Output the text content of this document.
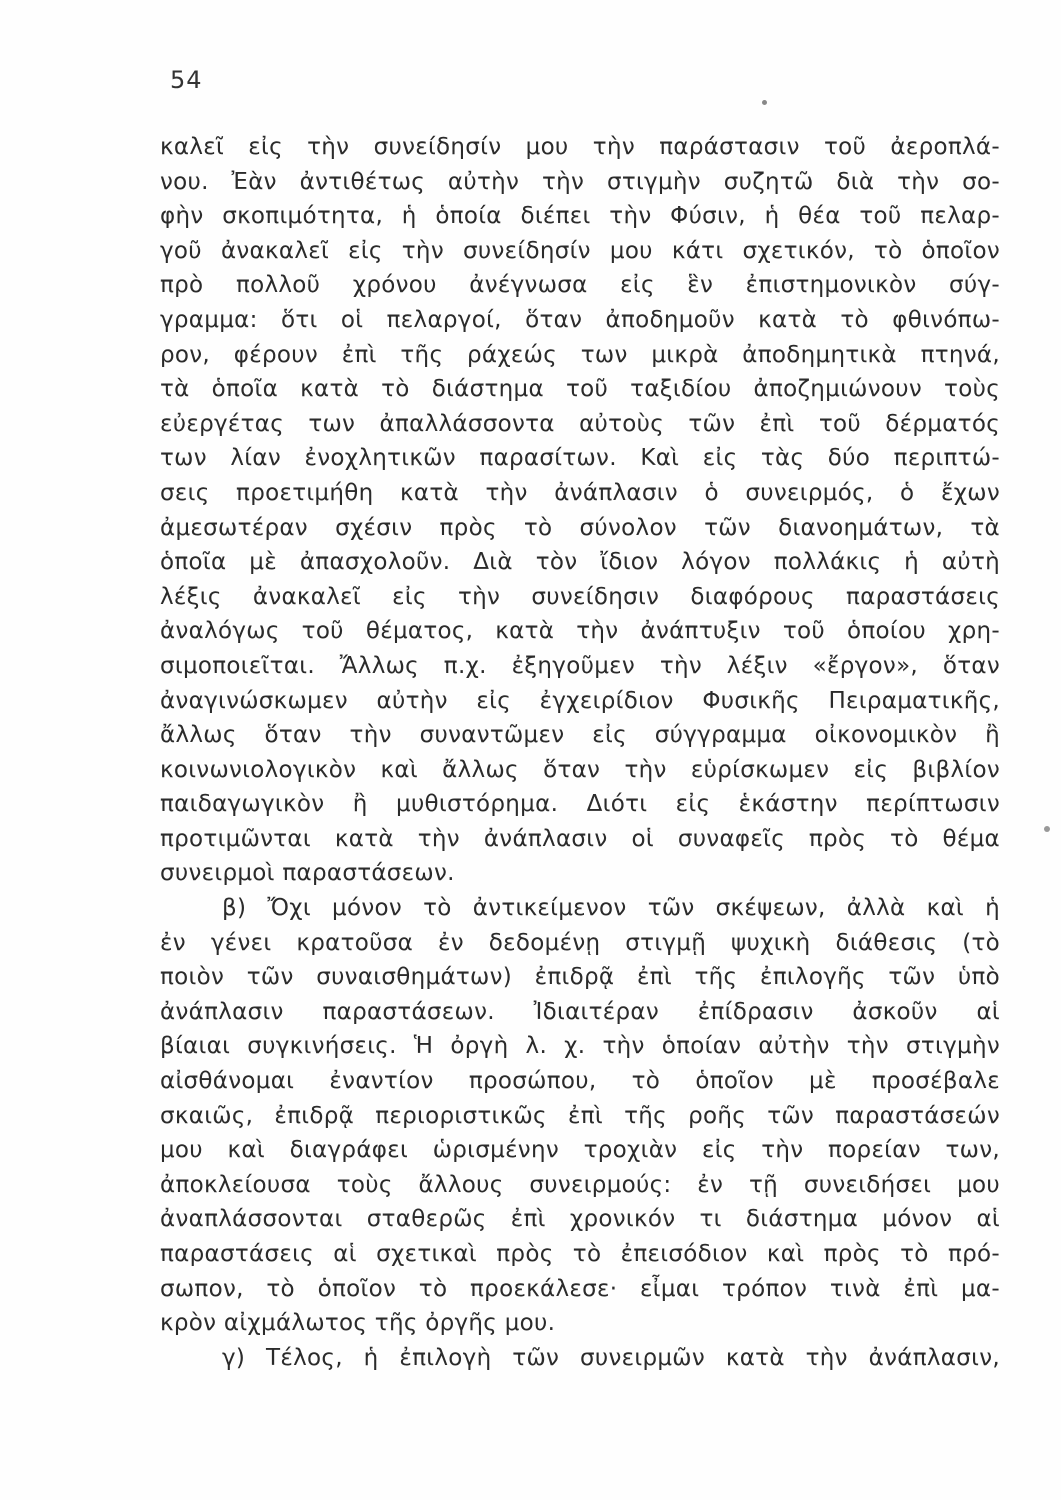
54
καλεῖ εἰς τὴν συνείδησίν μου τὴν παράστασιν τοῦ ἀεροπλά-
νου. Ἐὰν ἀντιθέτως αὐτὴν τὴν στιγμὴν συζητῶ διὰ τὴν σο-
φὴν σκοπιμότητα, ἡ ὁποία διέπει τὴν Φύσιν, ἡ θέα τοῦ πελαρ-
γοῦ ἀνακαλεῖ εἰς τὴν συνείδησίν μου κάτι σχετικόν, τὸ ὁποῖον
πρὸ πολλοῦ χρόνου ἀνέγνωσα εἰς ἓν ἐπιστημονικὸν σύγ-
γραμμα: ὅτι οἱ πελαργοί, ὅταν ἀποδημοῦν κατὰ τὸ φθινόπω-
ρον, φέρουν ἐπὶ τῆς ράχεώς των μικρὰ ἀποδημητικὰ πτηνά,
τὰ ὁποῖα κατὰ τὸ διάστημα τοῦ ταξιδίου ἀποζημιώνουν τοὺς
εὐεργέτας των ἀπαλλάσσοντα αὐτοὺς τῶν ἐπὶ τοῦ δέρματός
των λίαν ἐνοχλητικῶν παρασίτων. Καὶ εἰς τὰς δύο περιπτώ-
σεις προετιμήθη κατὰ τὴν ἀνάπλασιν ὁ συνειρμός, ὁ ἔχων
ἀμεσωτέραν σχέσιν πρὸς τὸ σύνολον τῶν διανοημάτων, τὰ
ὁποῖα μὲ ἀπασχολοῦν. Διὰ τὸν ἴδιον λόγον πολλάκις ἡ αὐτὴ
λέξις ἀνακαλεῖ εἰς τὴν συνείδησιν διαφόρους παραστάσεις
ἀναλόγως τοῦ θέματος, κατὰ τὴν ἀνάπτυξιν τοῦ ὁποίου χρη-
σιμοποιεῖται. Ἄλλως π.χ. ἐξηγοῦμεν τὴν λέξιν «ἔργον», ὅταν
ἀναγινώσκωμεν αὐτὴν εἰς ἐγχειρίδιον Φυσικῆς Πειραματικῆς,
ἄλλως ὅταν τὴν συναντῶμεν εἰς σύγγραμμα οἰκονομικὸν ἢ
κοινωνιολογικὸν καὶ ἄλλως ὅταν τὴν εὑρίσκωμεν εἰς βιβλίον
παιδαγωγικὸν ἢ μυθιστόρημα. Διότι εἰς ἑκάστην περίπτωσιν
προτιμῶνται κατὰ τὴν ἀνάπλασιν οἱ συναφεῖς πρὸς τὸ θέμα
συνειρμοὶ παραστάσεων.
β) Ὄχι μόνον τὸ ἀντικείμενον τῶν σκέψεων, ἀλλὰ καὶ ἡ
ἐν γένει κρατοῦσα ἐν δεδομένῃ στιγμῇ ψυχικὴ διάθεσις (τὸ
ποιὸν τῶν συναισθημάτων) ἐπιδρᾷ ἐπὶ τῆς ἐπιλογῆς τῶν ὑπὸ
ἀνάπλασιν παραστάσεων. Ἰδιαιτέραν ἐπίδρασιν ἀσκοῦν αἱ
βίαιαι συγκινήσεις. Ἡ ὀργὴ λ. χ. τὴν ὁποίαν αὐτὴν τὴν στιγμὴν
αἰσθάνομαι ἐναντίον προσώπου, τὸ ὁποῖον μὲ προσέβαλε
σκαιῶς, ἐπιδρᾷ περιοριστικῶς ἐπὶ τῆς ροῆς τῶν παραστάσεών
μου καὶ διαγράφει ὡρισμένην τροχιὰν εἰς τὴν πορείαν των,
ἀποκλείουσα τοὺς ἄλλους συνειρμούς: ἐν τῇ συνειδήσει μου
ἀναπλάσσονται σταθερῶς ἐπὶ χρονικόν τι διάστημα μόνον αἱ
παραστάσεις αἱ σχετικαὶ πρὸς τὸ ἐπεισόδιον καὶ πρὸς τὸ πρό-
σωπον, τὸ ὁποῖον τὸ προεκάλεσε· εἶμαι τρόπον τινὰ ἐπὶ μα-
κρὸν αἰχμάλωτος τῆς ὀργῆς μου.
γ) Τέλος, ἡ ἐπιλογὴ τῶν συνειρμῶν κατὰ τὴν ἀνάπλασιν,
